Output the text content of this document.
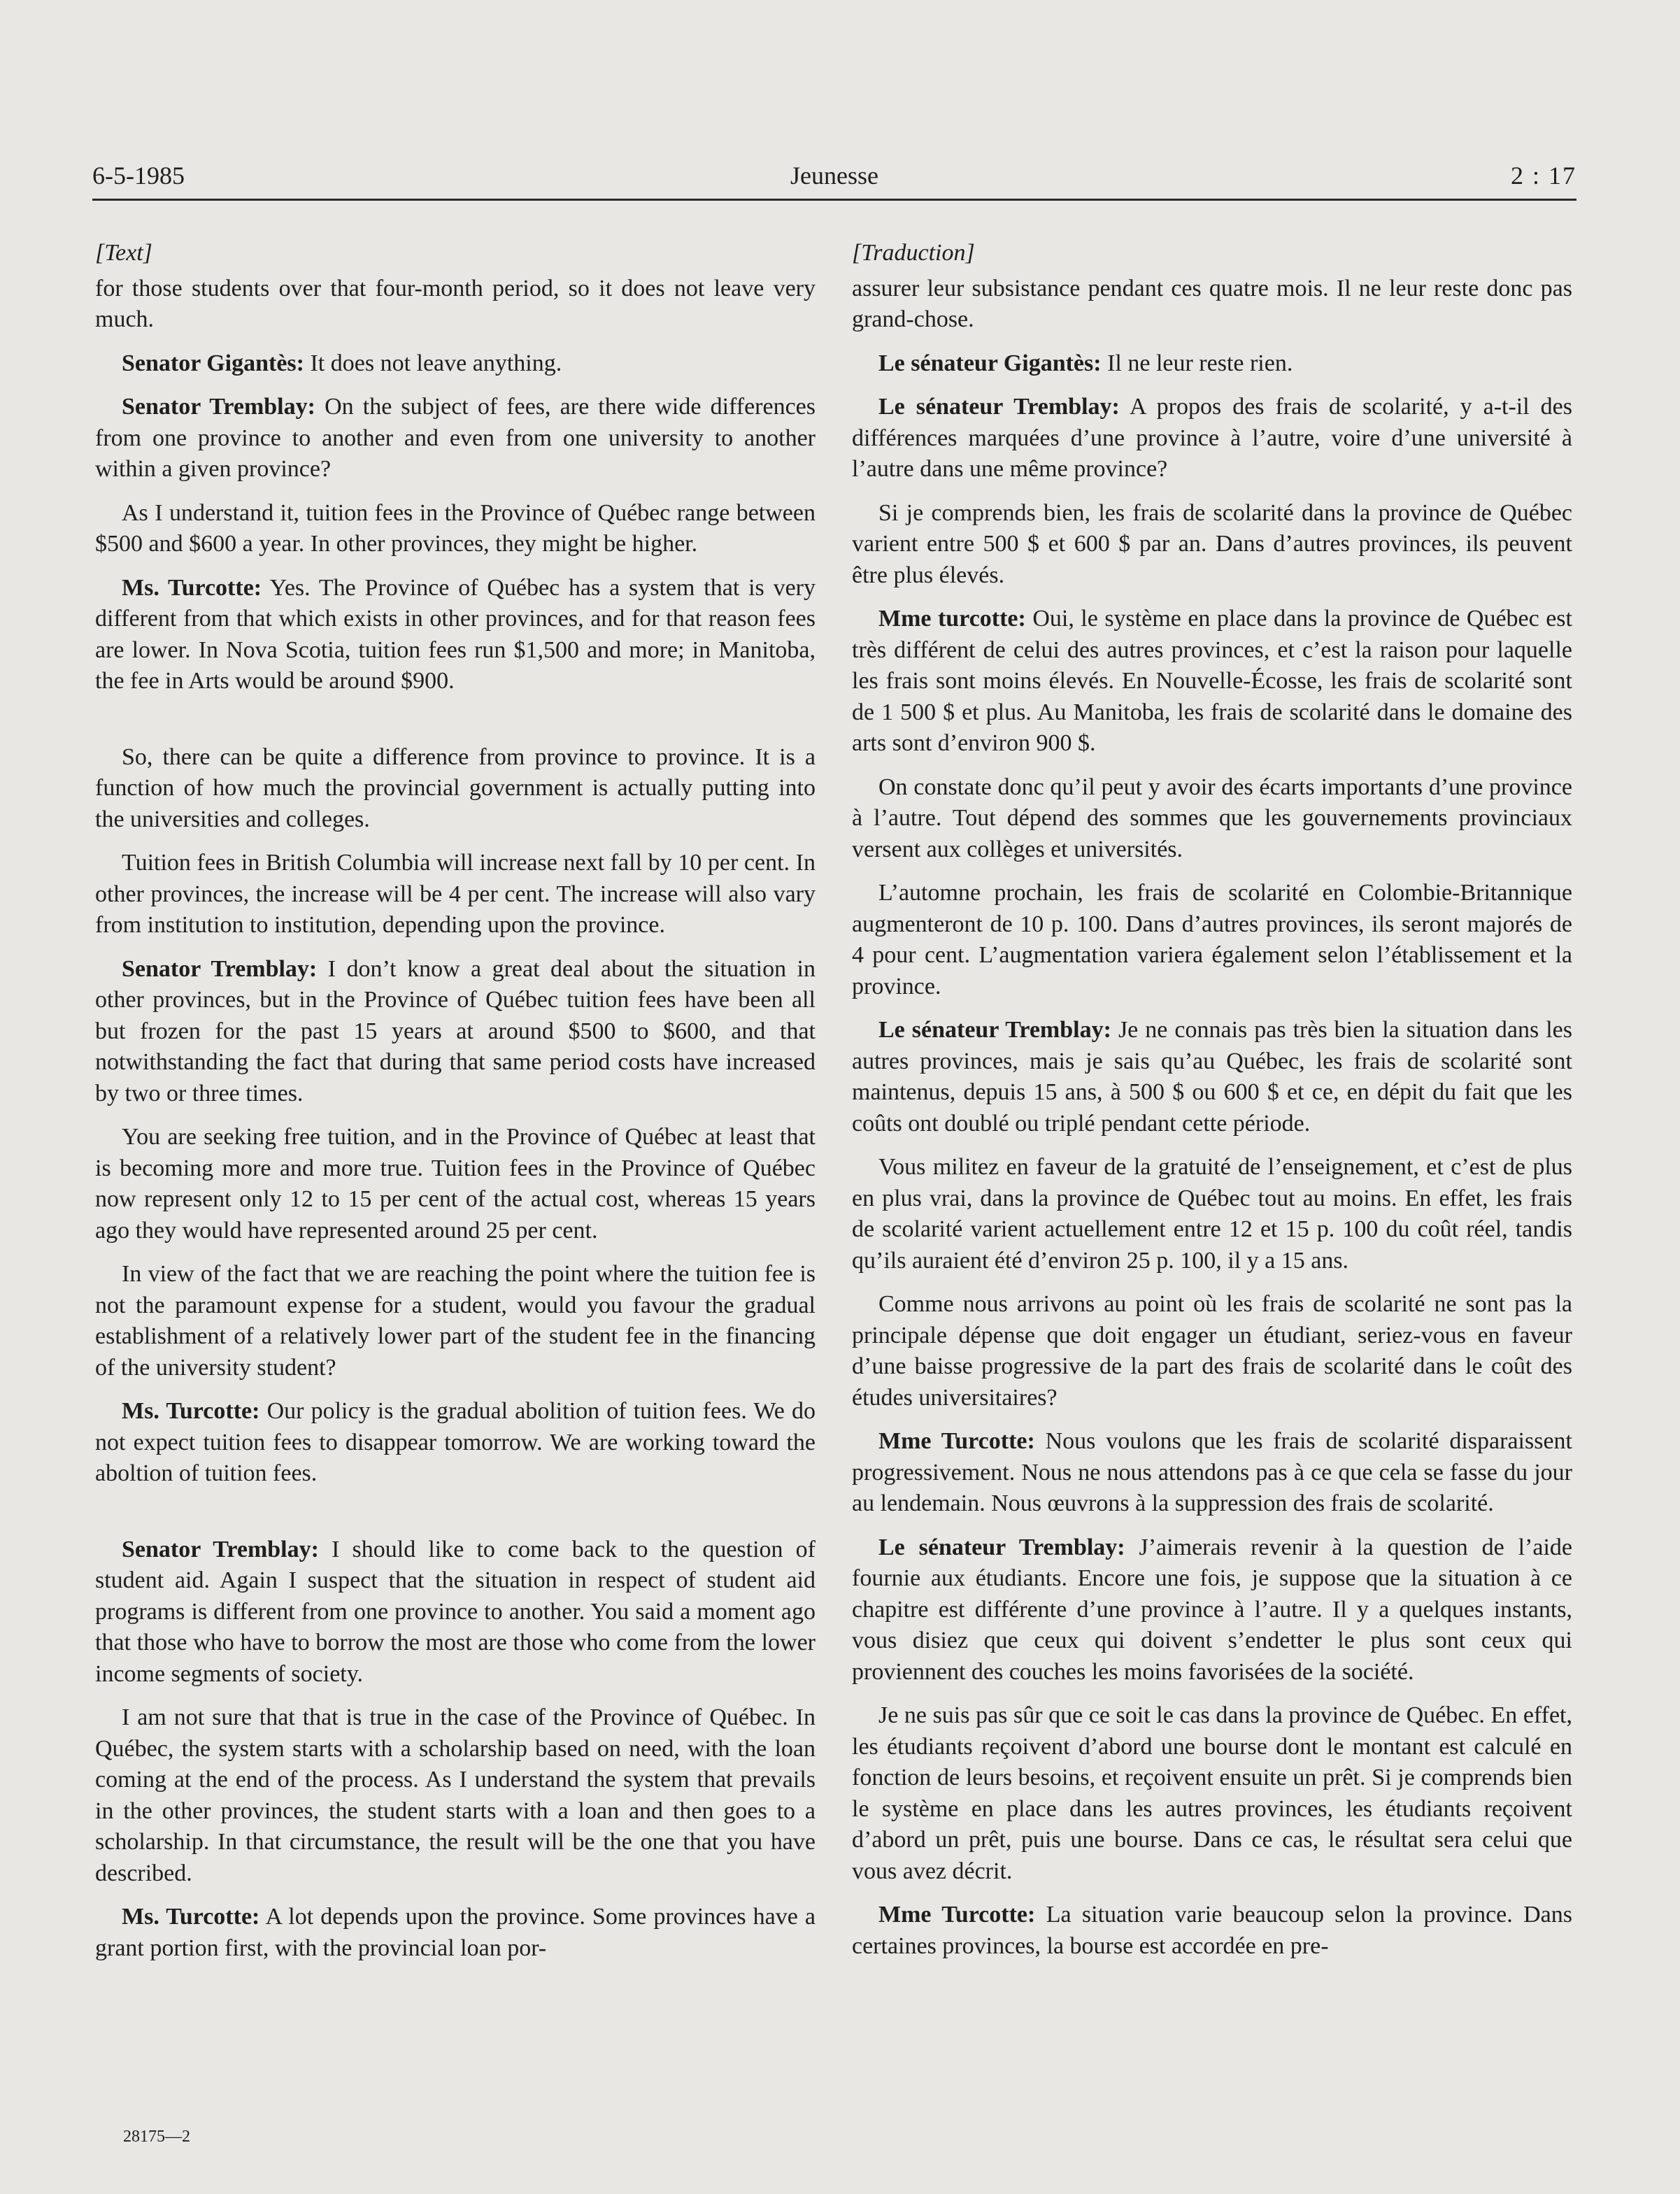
6-5-1985	Jeunesse	2 : 17
[Text]

for those students over that four-month period, so it does not leave very much.

Senator Gigantès: It does not leave anything.

Senator Tremblay: On the subject of fees, are there wide differences from one province to another and even from one university to another within a given province?

As I understand it, tuition fees in the Province of Québec range between $500 and $600 a year. In other provinces, they might be higher.

Ms. Turcotte: Yes. The Province of Québec has a system that is very different from that which exists in other provinces, and for that reason fees are lower. In Nova Scotia, tuition fees run $1,500 and more; in Manitoba, the fee in Arts would be around $900.

So, there can be quite a difference from province to province. It is a function of how much the provincial government is actually putting into the universities and colleges.

Tuition fees in British Columbia will increase next fall by 10 per cent. In other provinces, the increase will be 4 per cent. The increase will also vary from institution to institution, depending upon the province.

Senator Tremblay: I don’t know a great deal about the situation in other provinces, but in the Province of Québec tuition fees have been all but frozen for the past 15 years at around $500 to $600, and that notwithstanding the fact that during that same period costs have increased by two or three times.

You are seeking free tuition, and in the Province of Québec at least that is becoming more and more true. Tuition fees in the Province of Québec now represent only 12 to 15 per cent of the actual cost, whereas 15 years ago they would have represented around 25 per cent.

In view of the fact that we are reaching the point where the tuition fee is not the paramount expense for a student, would you favour the gradual establishment of a relatively lower part of the student fee in the financing of the university student?

Ms. Turcotte: Our policy is the gradual abolition of tuition fees. We do not expect tuition fees to disappear tomorrow. We are working toward the aboltion of tuition fees.

Senator Tremblay: I should like to come back to the question of student aid. Again I suspect that the situation in respect of student aid programs is different from one province to another. You said a moment ago that those who have to borrow the most are those who come from the lower income segments of society.

I am not sure that that is true in the case of the Province of Québec. In Québec, the system starts with a scholarship based on need, with the loan coming at the end of the process. As I understand the system that prevails in the other provinces, the student starts with a loan and then goes to a scholarship. In that circumstance, the result will be the one that you have described.

Ms. Turcotte: A lot depends upon the province. Some provinces have a grant portion first, with the provincial loan por-

[Traduction]

assurer leur subsistance pendant ces quatre mois. Il ne leur reste donc pas grand-chose.

Le sénateur Gigantès: Il ne leur reste rien.

Le sénateur Tremblay: A propos des frais de scolarité, y a-t-il des différences marquées d’une province à l’autre, voire d’une université à l’autre dans une même province?

Si je comprends bien, les frais de scolarité dans la province de Québec varient entre 500 $ et 600 $ par an. Dans d’autres provinces, ils peuvent être plus élevés.

Mme turcotte: Oui, le système en place dans la province de Québec est très différent de celui des autres provinces, et c’est la raison pour laquelle les frais sont moins élevés. En Nouvelle-Écosse, les frais de scolarité sont de 1 500 $ et plus. Au Manitoba, les frais de scolarité dans le domaine des arts sont d’environ 900 $.

On constate donc qu’il peut y avoir des écarts importants d’une province à l’autre. Tout dépend des sommes que les gouvernements provinciaux versent aux collèges et universités.

L’automne prochain, les frais de scolarité en Colombie-Britannique augmenteront de 10 p. 100. Dans d’autres provinces, ils seront majorés de 4 pour cent. L’augmentation variera également selon l’établissement et la province.

Le sénateur Tremblay: Je ne connais pas très bien la situation dans les autres provinces, mais je sais qu’au Québec, les frais de scolarité sont maintenus, depuis 15 ans, à 500 $ ou 600 $ et ce, en dépit du fait que les coûts ont doublé ou triplé pendant cette période.

Vous militez en faveur de la gratuité de l’enseignement, et c’est de plus en plus vrai, dans la province de Québec tout au moins. En effet, les frais de scolarité varient actuellement entre 12 et 15 p. 100 du coût réel, tandis qu’ils auraient été d’environ 25 p. 100, il y a 15 ans.

Comme nous arrivons au point où les frais de scolarité ne sont pas la principale dépense que doit engager un étudiant, seriez-vous en faveur d’une baisse progressive de la part des frais de scolarité dans le coût des études universitaires?

Mme Turcotte: Nous voulons que les frais de scolarité disparaissent progressivement. Nous ne nous attendons pas à ce que cela se fasse du jour au lendemain. Nous œuvrons à la suppression des frais de scolarité.

Le sénateur Tremblay: J’aimerais revenir à la question de l’aide fournie aux étudiants. Encore une fois, je suppose que la situation à ce chapitre est différente d’une province à l’autre. Il y a quelques instants, vous disiez que ceux qui doivent s’endetter le plus sont ceux qui proviennent des couches les moins favorisées de la société.

Je ne suis pas sûr que ce soit le cas dans la province de Québec. En effet, les étudiants reçoivent d’abord une bourse dont le montant est calculé en fonction de leurs besoins, et reçoivent ensuite un prêt. Si je comprends bien le système en place dans les autres provinces, les étudiants reçoivent d’abord un prêt, puis une bourse. Dans ce cas, le résultat sera celui que vous avez décrit.

Mme Turcotte: La situation varie beaucoup selon la province. Dans certaines provinces, la bourse est accordée en pre-

28175—2
